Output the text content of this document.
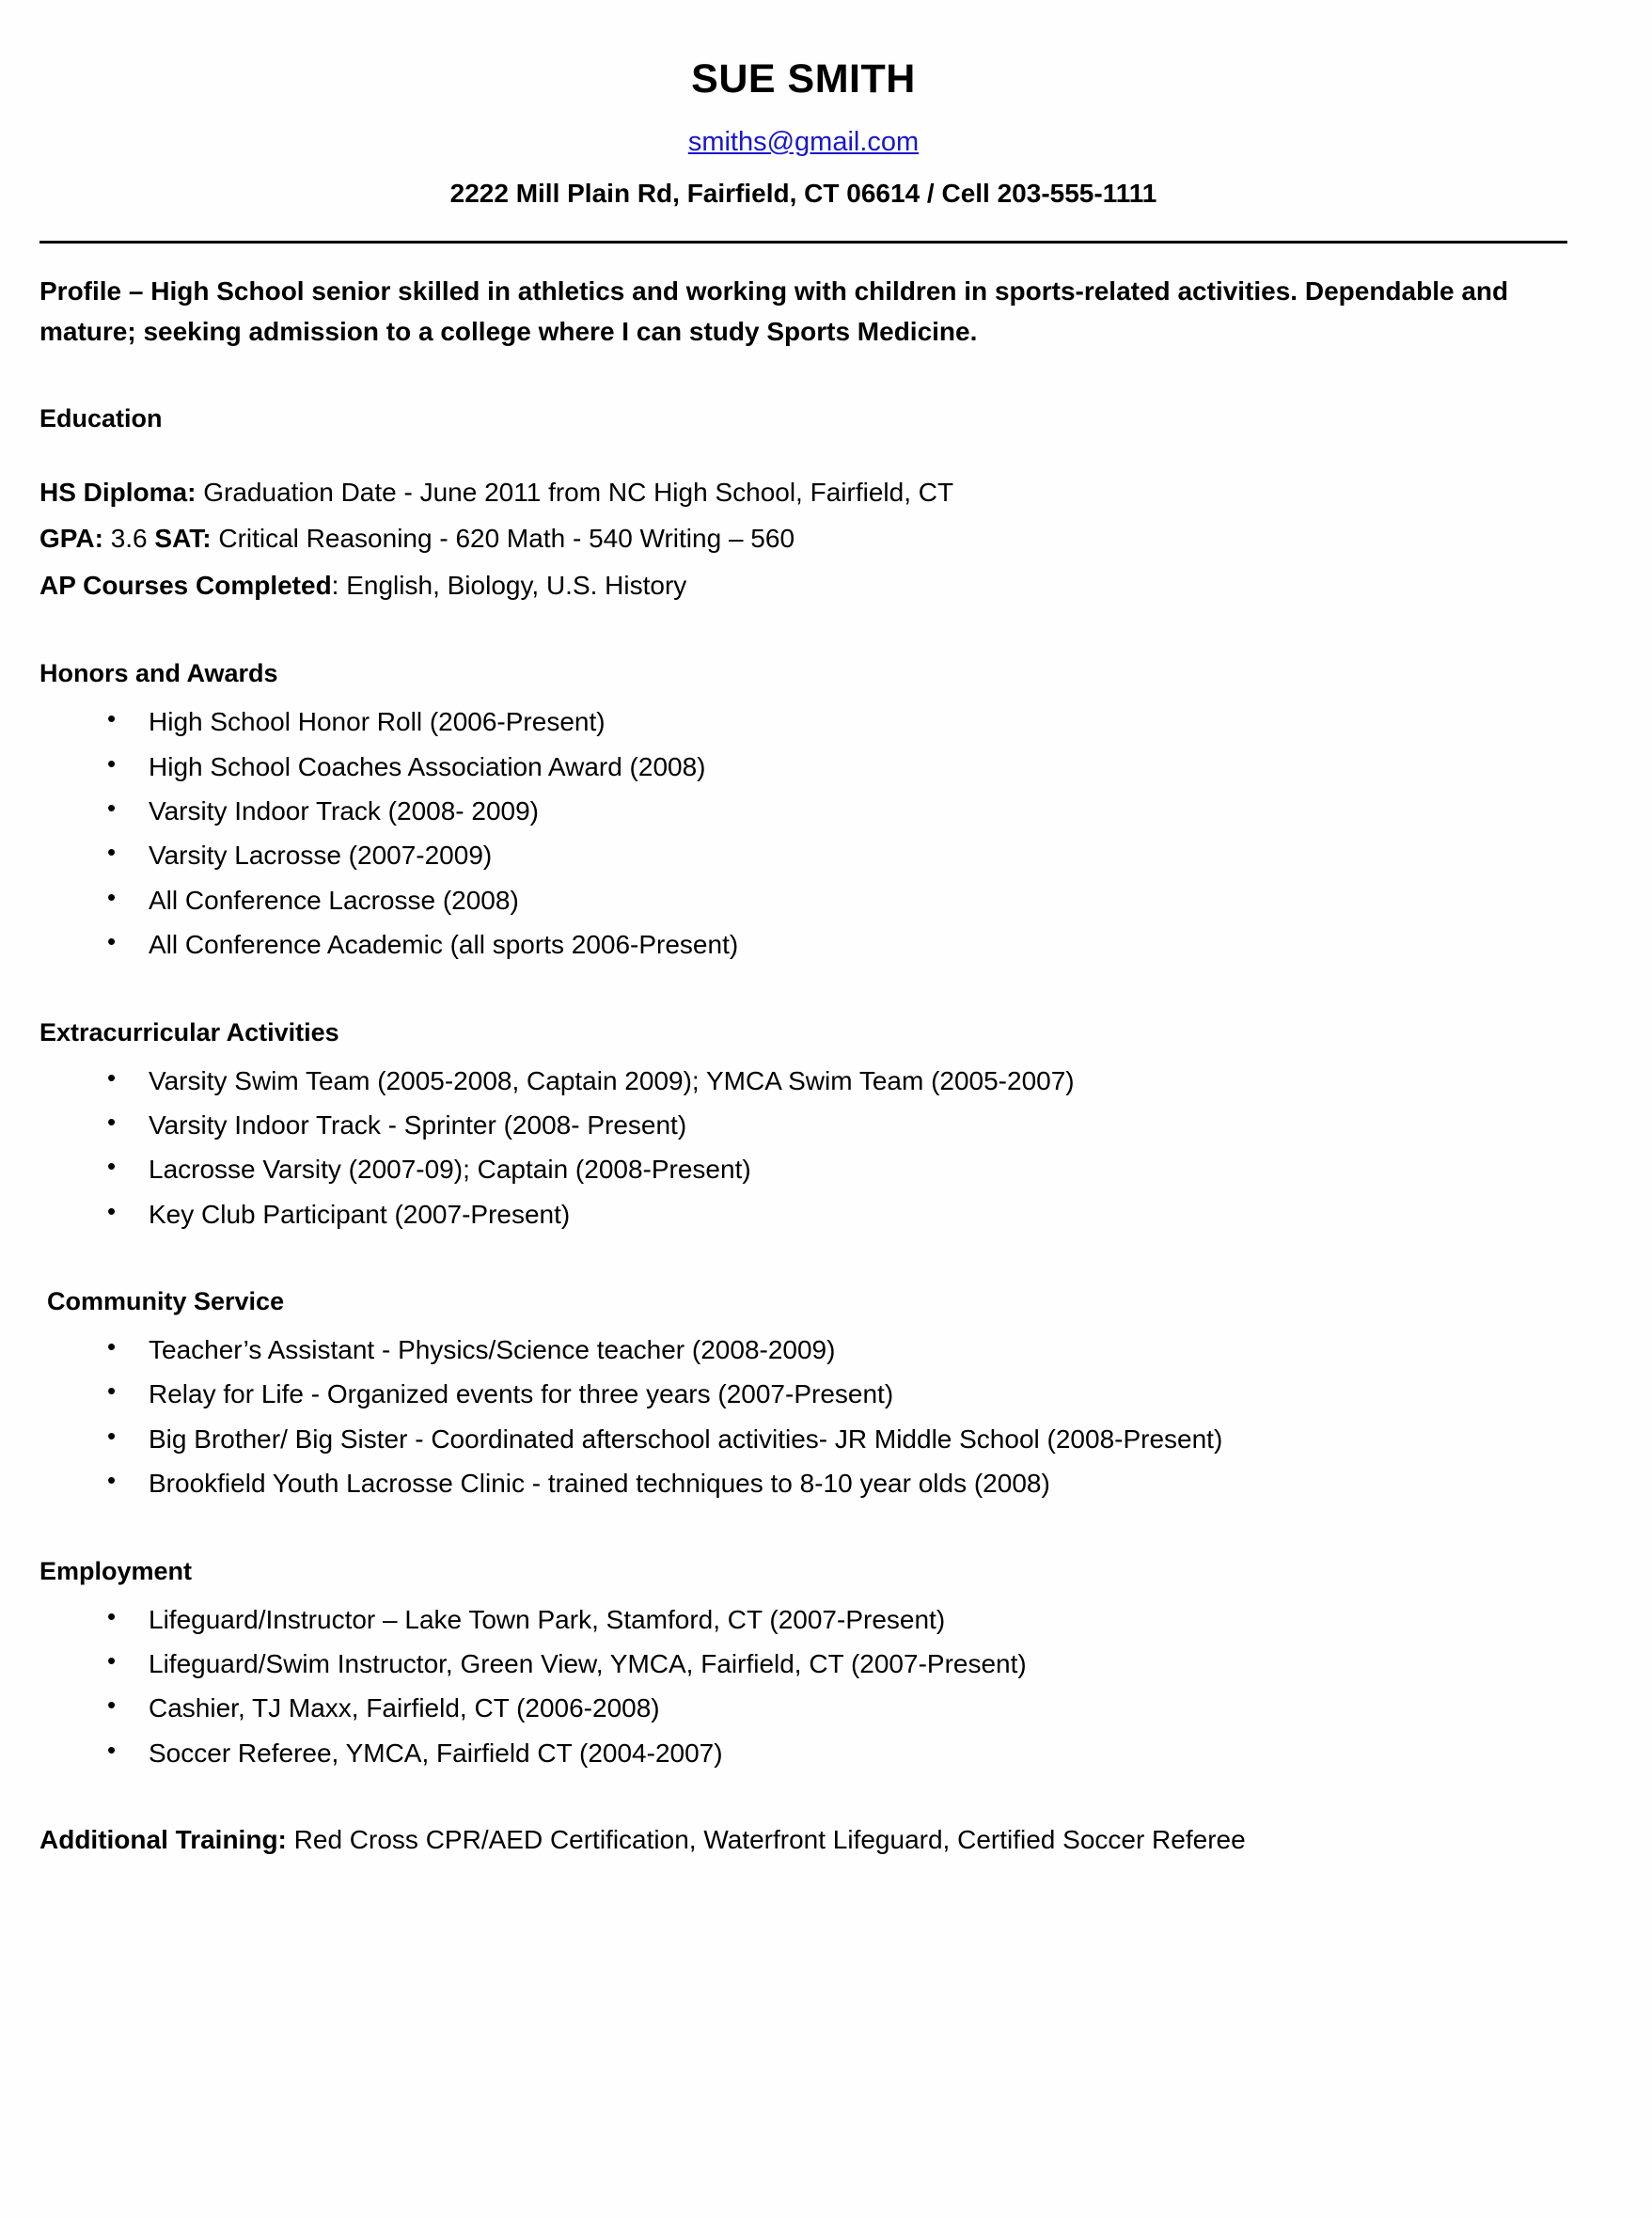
SUE SMITH
smiths@gmail.com
2222 Mill Plain Rd, Fairfield, CT 06614 / Cell 203-555-1111
Profile – High School senior skilled in athletics and working with children in sports-related activities. Dependable and mature; seeking admission to a college where I can study Sports Medicine.
Education
HS Diploma: Graduation Date - June 2011 from NC High School, Fairfield, CT
GPA: 3.6 SAT: Critical Reasoning - 620 Math - 540 Writing – 560
AP Courses Completed: English, Biology, U.S. History
Honors and Awards
• High School Honor Roll (2006-Present)
• High School Coaches Association Award (2008)
• Varsity Indoor Track (2008- 2009)
• Varsity Lacrosse (2007-2009)
• All Conference Lacrosse (2008)
• All Conference Academic (all sports 2006-Present)
Extracurricular Activities
• Varsity Swim Team (2005-2008, Captain 2009); YMCA Swim Team (2005-2007)
• Varsity Indoor Track - Sprinter (2008- Present)
• Lacrosse Varsity (2007-09); Captain (2008-Present)
• Key Club Participant (2007-Present)
Community Service
• Teacher’s Assistant - Physics/Science teacher (2008-2009)
• Relay for Life - Organized events for three years (2007-Present)
• Big Brother/ Big Sister - Coordinated afterschool activities- JR Middle School (2008-Present)
• Brookfield Youth Lacrosse Clinic - trained techniques to 8-10 year olds (2008)
Employment
• Lifeguard/Instructor – Lake Town Park, Stamford, CT (2007-Present)
• Lifeguard/Swim Instructor, Green View, YMCA, Fairfield, CT (2007-Present)
• Cashier, TJ Maxx, Fairfield, CT (2006-2008)
• Soccer Referee, YMCA, Fairfield CT (2004-2007)
Additional Training: Red Cross CPR/AED Certification, Waterfront Lifeguard, Certified Soccer Referee
